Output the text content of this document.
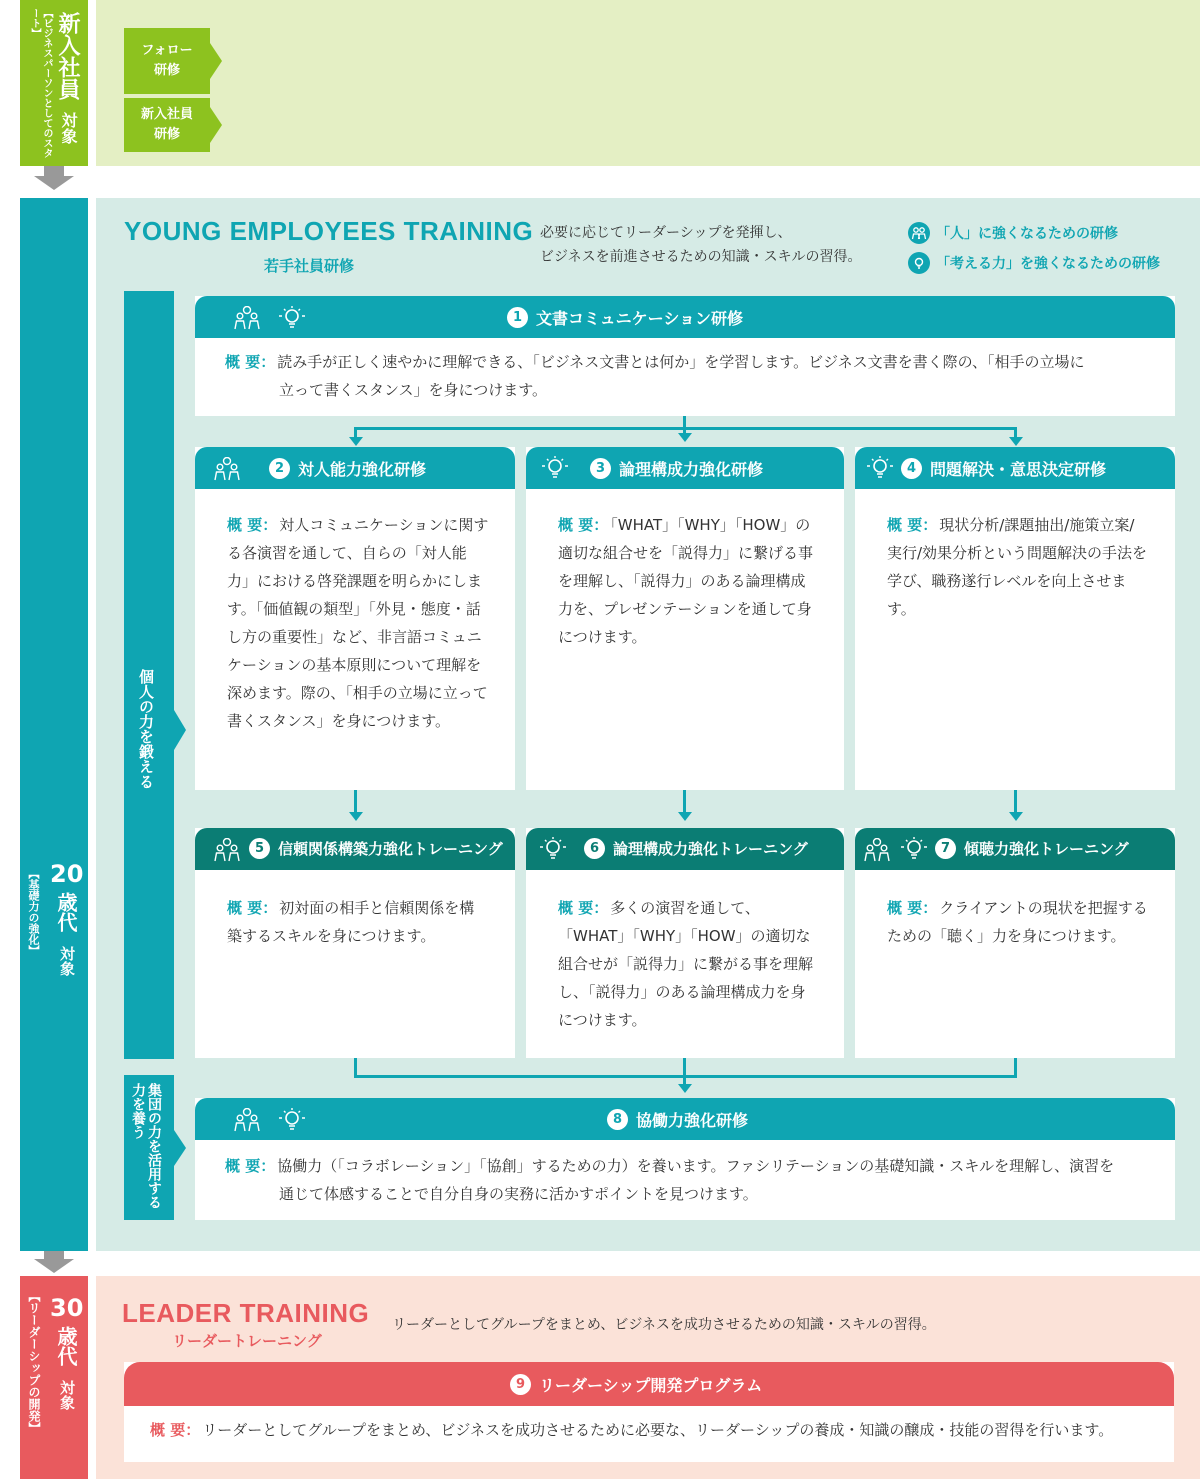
新入社員
対象
【ビジネスパーソンとしてのスタート】
20
歳代
対象
【基礎力の強化】
30
歳代
対象
【リーダーシップの開発】
フォロー
研修
新入社員
研修
YOUNG EMPLOYEES TRAINING
若手社員研修
必要に応じてリーダーシップを発揮し、
ビジネスを前進させるための知識・スキルの習得。
「人」に強くなるための研修
「考える力」を強くなるための研修
個人の力を鍛える
集団の力を活用する力を養う
1 文書コミュニケーション研修
概 要： 読み手が正しく速やかに理解できる、「ビジネス文書とは何か」を学習します。ビジネス文書を書く際の、「相手の立場に
立って書くスタンス」を身につけます。
2 対人能力強化研修
概 要： 対人コミュニケーションに関する各演習を通して、自らの「対人能力」における啓発課題を明らかにします。「価値観の類型」「外見・態度・話し方の重要性」など、非言語コミュニケーションの基本原則について理解を深めます。際の、「相手の立場に立って書くスタンス」を身につけます。
3 論理構成力強化研修
概 要： 「WHAT」「WHY」「HOW」の適切な組合せを「説得力」に繋げる事を理解し、「説得力」のある論理構成力を、プレゼンテーションを通して身につけます。
4 問題解決・意思決定研修
概 要： 現状分析/課題抽出/施策立案/実行/効果分析という問題解決の手法を学び、職務遂行レベルを向上させます。
5 信頼関係構築力強化トレーニング
概 要： 初対面の相手と信頼関係を構築するスキルを身につけます。
6 論理構成力強化トレーニング
概 要： 多くの演習を通して、「WHAT」「WHY」「HOW」の適切な組合せが「説得力」に繋がる事を理解し、「説得力」のある論理構成力を身につけます。
7 傾聴力強化トレーニング
概 要： クライアントの現状を把握するための「聴く」力を身につけます。
8 協働力強化研修
概 要： 協働力（「コラボレーション」「協創」するための力）を養います。ファシリテーションの基礎知識・スキルを理解し、演習を
通じて体感することで自分自身の実務に活かすポイントを見つけます。
LEADER TRAINING
リーダートレーニング
リーダーとしてグループをまとめ、ビジネスを成功させるための知識・スキルの習得。
9 リーダーシップ開発プログラム
概 要： リーダーとしてグループをまとめ、ビジネスを成功させるために必要な、リーダーシップの養成・知識の醸成・技能の習得を行います。
